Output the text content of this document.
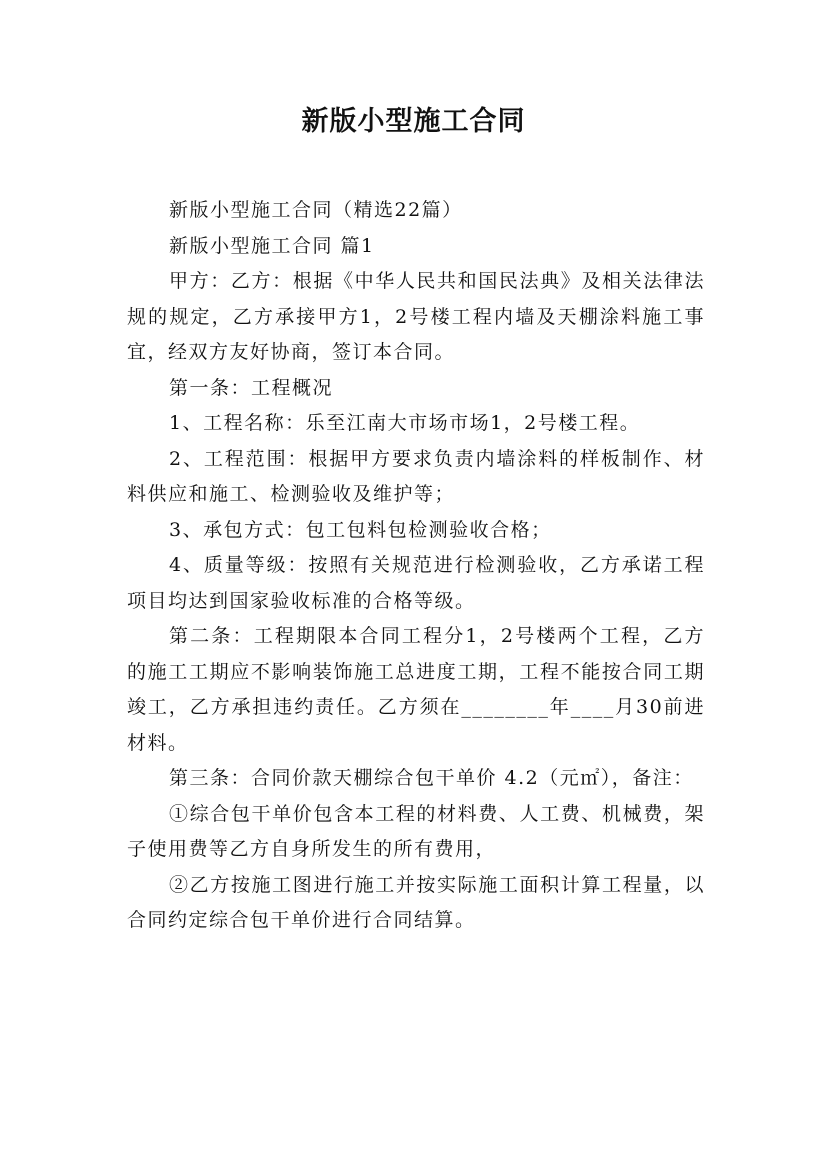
新版小型施工合同

新版小型施工合同（精选22篇）

新版小型施工合同 篇1

甲方：乙方：根据《中华人民共和国民法典》及相关法律法规的规定，乙方承接甲方1，2号楼工程内墙及天棚涂料施工事宜，经双方友好协商，签订本合同。

第一条：工程概况

1、工程名称：乐至江南大市场市场1，2号楼工程。

2、工程范围：根据甲方要求负责内墙涂料的样板制作、材料供应和施工、检测验收及维护等；

3、承包方式：包工包料包检测验收合格；

4、质量等级：按照有关规范进行检测验收，乙方承诺工程项目均达到国家验收标准的合格等级。

第二条：工程期限本合同工程分1，2号楼两个工程，乙方的施工工期应不影响装饰施工总进度工期，工程不能按合同工期竣工，乙方承担违约责任。乙方须在________年____月30前进材料。

第三条：合同价款天棚综合包干单价 4.2（元㎡），备注：

①综合包干单价包含本工程的材料费、人工费、机械费，架子使用费等乙方自身所发生的所有费用，

②乙方按施工图进行施工并按实际施工面积计算工程量，以合同约定综合包干单价进行合同结算。
